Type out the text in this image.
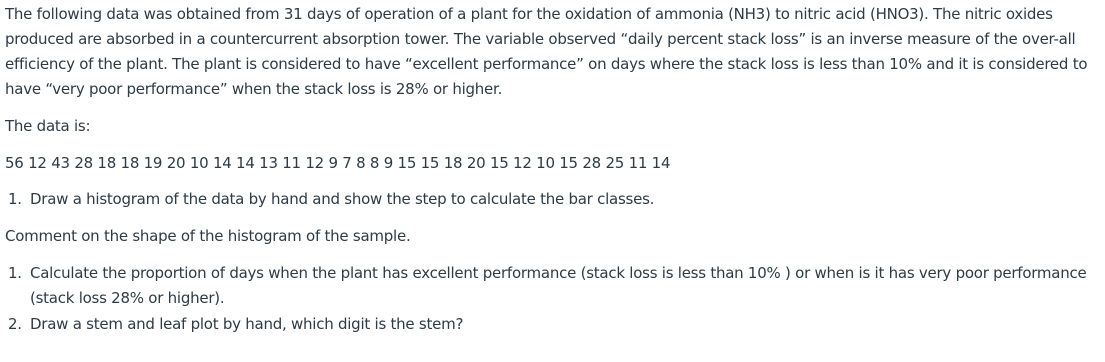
The following data was obtained from 31 days of operation of a plant for the oxidation of ammonia (NH3) to nitric acid (HNO3). The nitric oxides produced are absorbed in a countercurrent absorption tower. The variable observed “daily percent stack loss” is an inverse measure of the over-all efficiency of the plant. The plant is considered to have “excellent performance” on days where the stack loss is less than 10% and it is considered to have “very poor performance” when the stack loss is 28% or higher.

The data is:

56 12 43 28 18 18 19 20 10 14 14 13 11 12 9 7 8 8 9 15 15 18 20 15 12 10 15 28 25 11 14

1. Draw a histogram of the data by hand and show the step to calculate the bar classes.

Comment on the shape of the histogram of the sample.

1. Calculate the proportion of days when the plant has excellent performance (stack loss is less than 10% ) or when is it has very poor performance (stack loss 28% or higher).
2. Draw a stem and leaf plot by hand, which digit is the stem?
